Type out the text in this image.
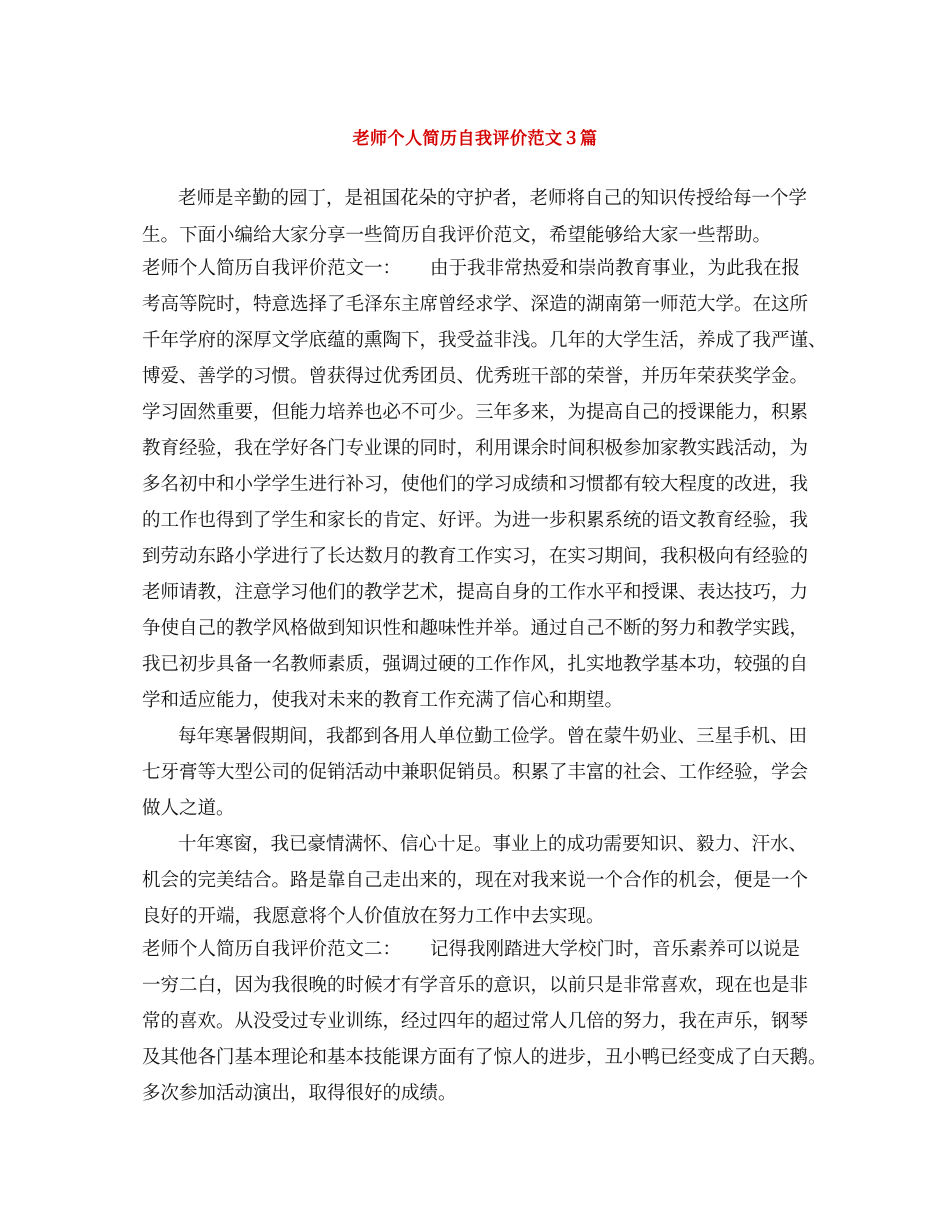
老师个人简历自我评价范文３篇
老师是辛勤的园丁，是祖国花朵的守护者，老师将自己的知识传授给每一个学
生。下面小编给大家分享一些简历自我评价范文，希望能够给大家一些帮助。
老师个人简历自我评价范文一： 由于我非常热爱和崇尚教育事业，为此我在报
考高等院时，特意选择了毛泽东主席曾经求学、深造的湖南第一师范大学。在这所
千年学府的深厚文学底蕴的熏陶下，我受益非浅。几年的大学生活，养成了我严谨、
博爱、善学的习惯。曾获得过优秀团员、优秀班干部的荣誉，并历年荣获奖学金。
学习固然重要，但能力培养也必不可少。三年多来，为提高自己的授课能力，积累
教育经验，我在学好各门专业课的同时，利用课余时间积极参加家教实践活动，为
多名初中和小学学生进行补习，使他们的学习成绩和习惯都有较大程度的改进，我
的工作也得到了学生和家长的肯定、好评。为进一步积累系统的语文教育经验，我
到劳动东路小学进行了长达数月的教育工作实习，在实习期间，我积极向有经验的
老师请教，注意学习他们的教学艺术，提高自身的工作水平和授课、表达技巧，力
争使自己的教学风格做到知识性和趣味性并举。通过自己不断的努力和教学实践，
我已初步具备一名教师素质，强调过硬的工作作风，扎实地教学基本功，较强的自
学和适应能力，使我对未来的教育工作充满了信心和期望。
每年寒暑假期间，我都到各用人单位勤工俭学。曾在蒙牛奶业、三星手机、田
七牙膏等大型公司的促销活动中兼职促销员。积累了丰富的社会、工作经验，学会
做人之道。
十年寒窗，我已豪情满怀、信心十足。事业上的成功需要知识、毅力、汗水、
机会的完美结合。路是靠自己走出来的，现在对我来说一个合作的机会，便是一个
良好的开端，我愿意将个人价值放在努力工作中去实现。
老师个人简历自我评价范文二： 记得我刚踏进大学校门时，音乐素养可以说是
一穷二白，因为我很晚的时候才有学音乐的意识，以前只是非常喜欢，现在也是非
常的喜欢。从没受过专业训练，经过四年的超过常人几倍的努力，我在声乐，钢琴
及其他各门基本理论和基本技能课方面有了惊人的进步，丑小鸭已经变成了白天鹅。
多次参加活动演出，取得很好的成绩。
